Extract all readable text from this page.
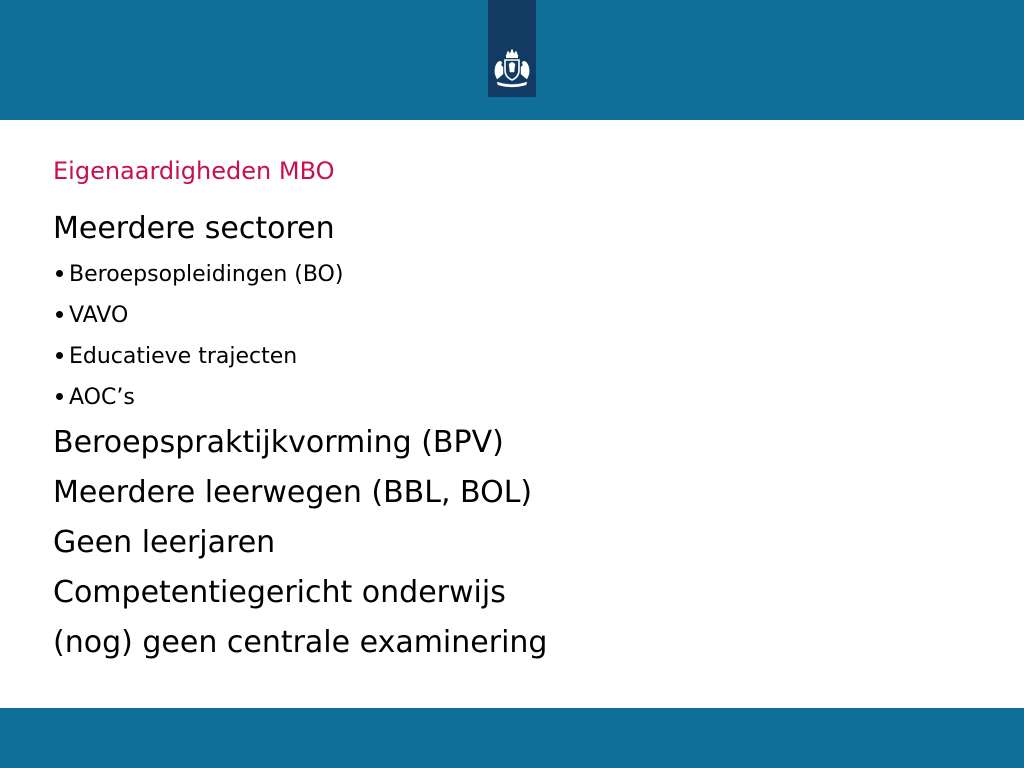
Eigenaardigheden MBO
Meerdere sectoren
Beroepsopleidingen (BO)
VAVO
Educatieve trajecten
AOC’s
Beroepspraktijkvorming (BPV)
Meerdere leerwegen (BBL, BOL)
Geen leerjaren
Competentiegericht onderwijs
(nog) geen centrale examinering
